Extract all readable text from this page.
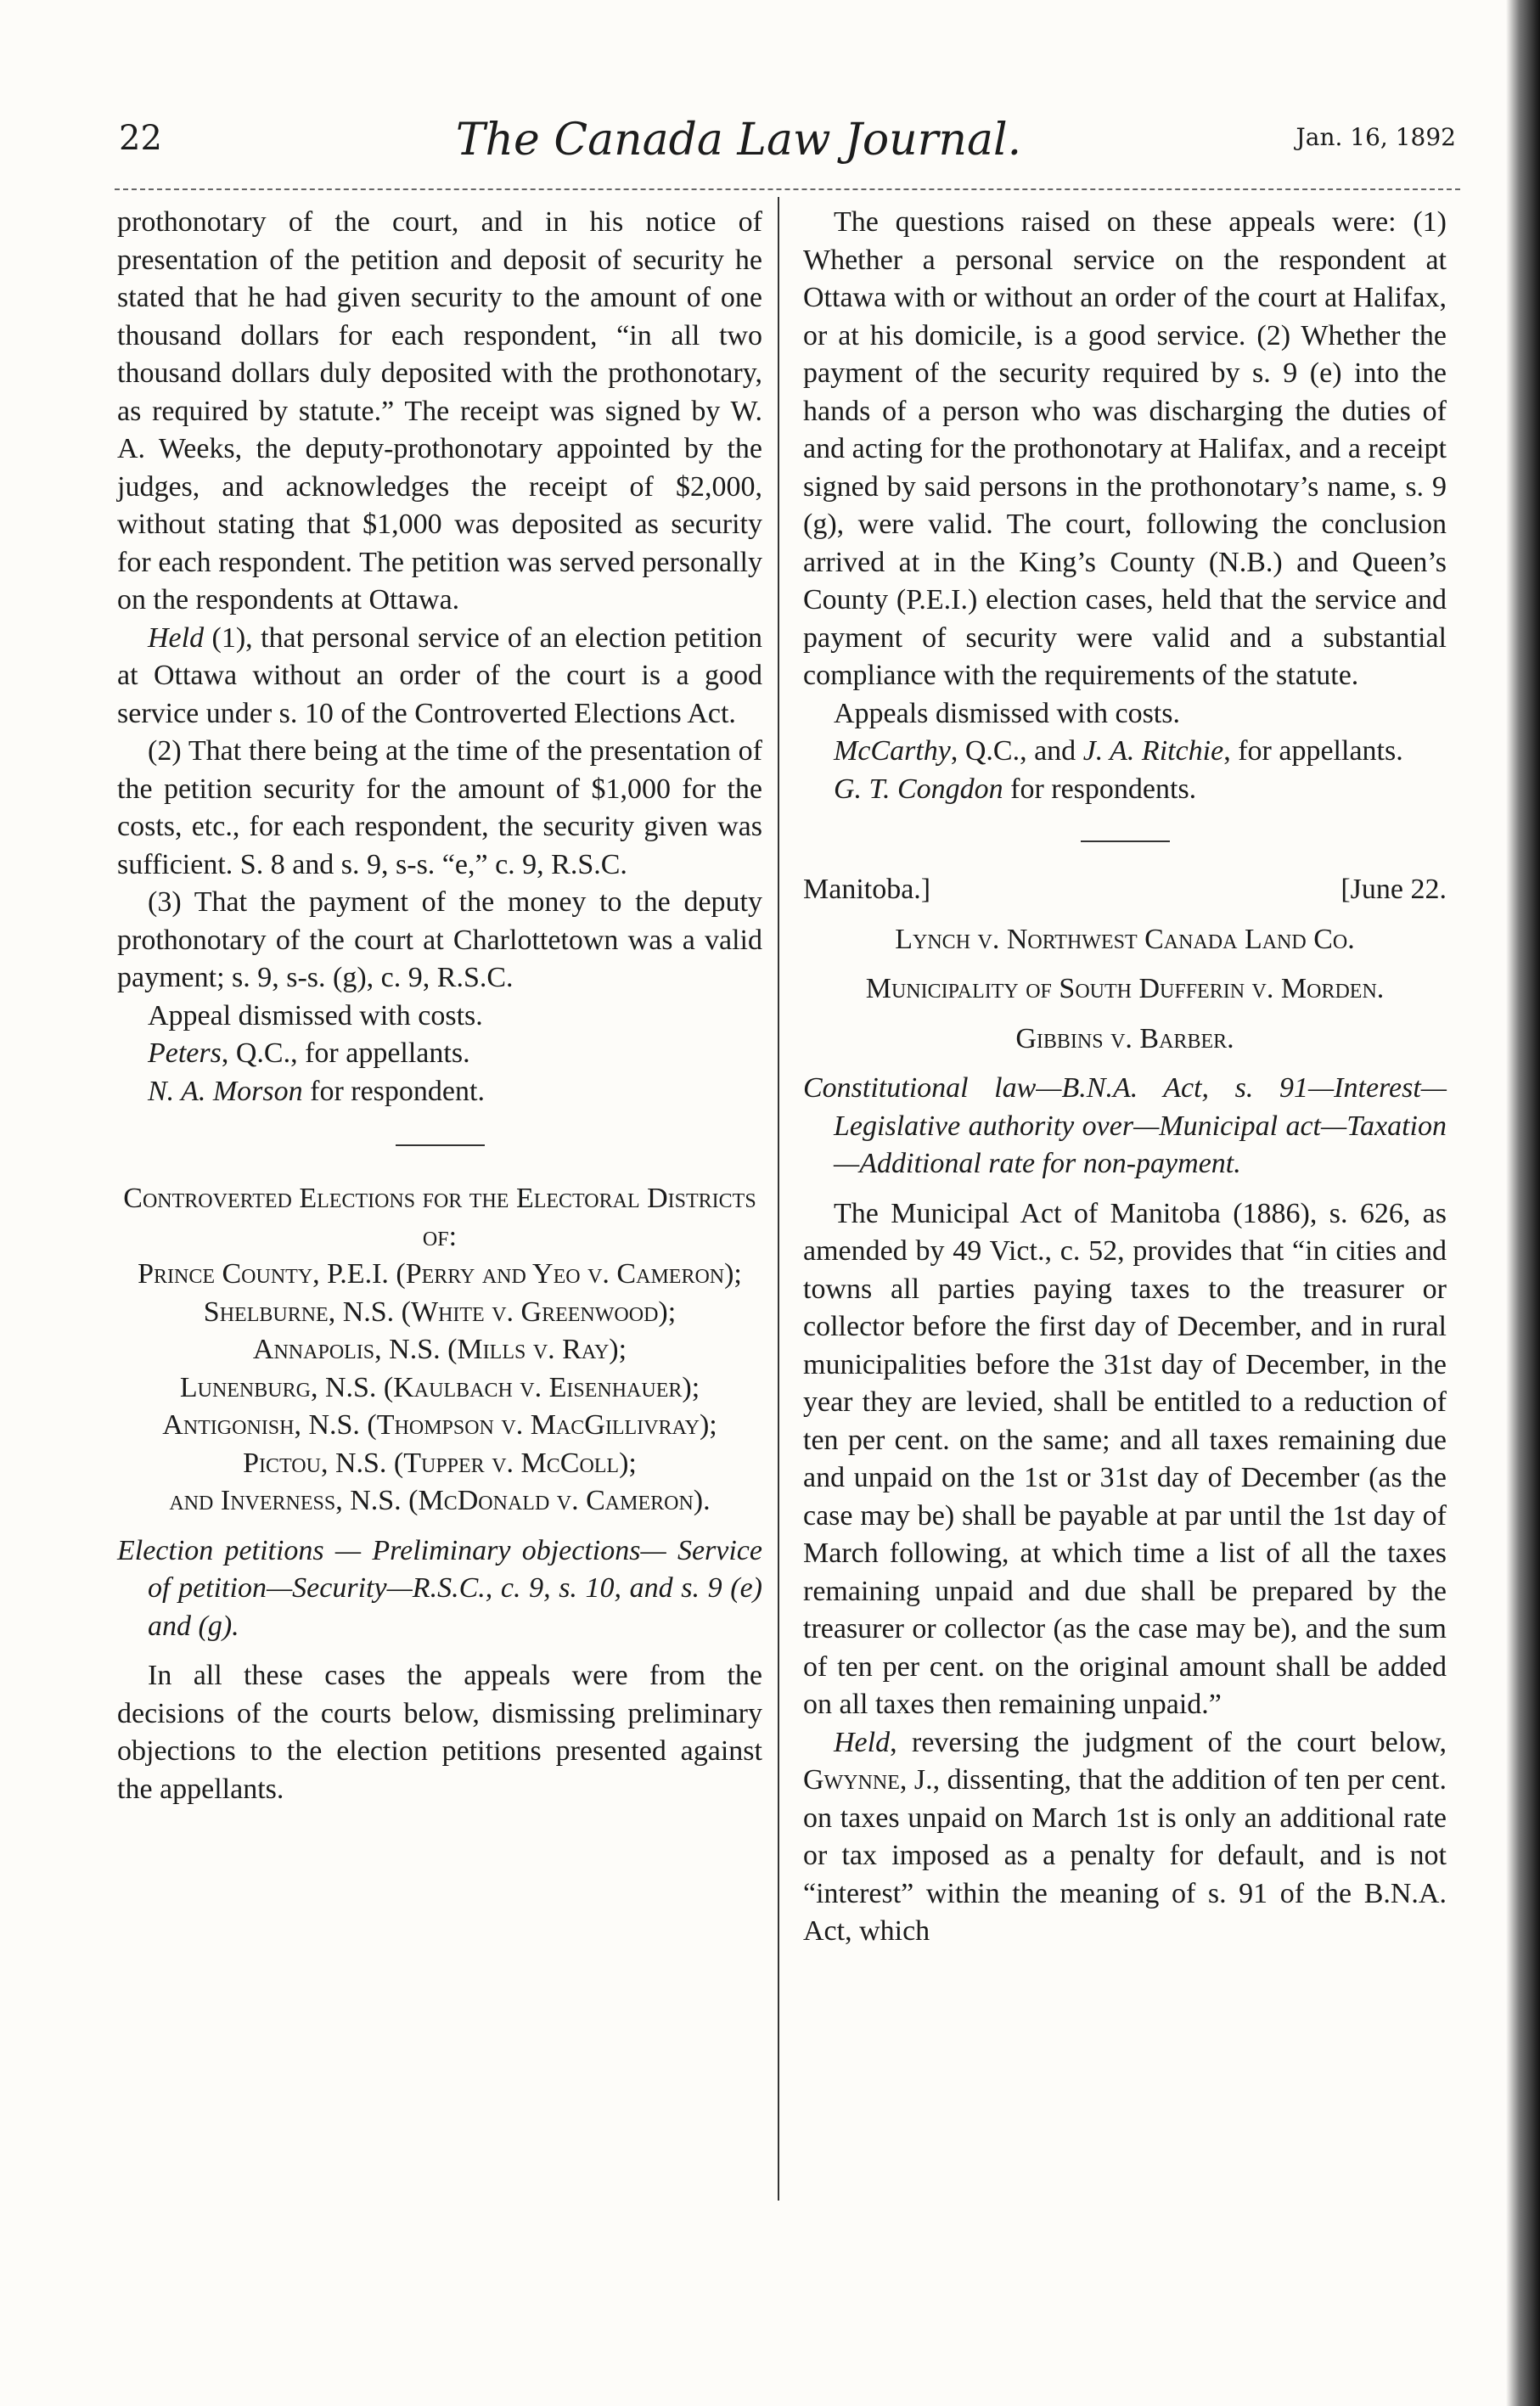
22	The Canada Law Journal.	Jan. 16, 1892

prothonotary of the court, and in his notice of presentation of the petition and deposit of security he stated that he had given security to the amount of one thousand dollars for each respondent, “in all two thousand dollars duly deposited with the prothonotary, as required by statute.” The receipt was signed by W. A. Weeks, the deputy-prothonotary appointed by the judges, and acknowledges the receipt of $2,000, without stating that $1,000 was deposited as security for each respondent. The petition was served personally on the respondents at Ottawa.

Held (1), that personal service of an election petition at Ottawa without an order of the court is a good service under s. 10 of the Controverted Elections Act.

(2) That there being at the time of the presentation of the petition security for the amount of $1,000 for the costs, etc., for each respondent, the security given was sufficient. S. 8 and s. 9, s-s. “e,” c. 9, R.S.C.

(3) That the payment of the money to the deputy prothonotary of the court at Charlottetown was a valid payment; s. 9, s-s. (g), c. 9, R.S.C.

Appeal dismissed with costs.

Peters, Q.C., for appellants.

N. A. Morson for respondent.

Controverted Elections for the Electoral Districts of:

Prince County, P.E.I. (Perry and Yeo v. Cameron);

Shelburne, N.S. (White v. Greenwood);

Annapolis, N.S. (Mills v. Ray);

Lunenburg, N.S. (Kaulbach v. Eisenhauer);

Antigonish, N.S. (Thompson v. MacGillivray);

Pictou, N.S. (Tupper v. McColl);

and Inverness, N.S. (McDonald v. Cameron).

Election petitions — Preliminary objections— Service of petition—Security—R.S.C., c. 9, s. 10, and s. 9 (e) and (g).

In all these cases the appeals were from the decisions of the courts below, dismissing preliminary objections to the election petitions presented against the appellants.

The questions raised on these appeals were: (1) Whether a personal service on the respondent at Ottawa with or without an order of the court at Halifax, or at his domicile, is a good service. (2) Whether the payment of the security required by s. 9 (e) into the hands of a person who was discharging the duties of and acting for the prothonotary at Halifax, and a receipt signed by said persons in the prothonotary’s name, s. 9 (g), were valid. The court, following the conclusion arrived at in the King’s County (N.B.) and Queen’s County (P.E.I.) election cases, held that the service and payment of security were valid and a substantial compliance with the requirements of the statute.

Appeals dismissed with costs.

McCarthy, Q.C., and J. A. Ritchie, for appellants.

G. T. Congdon for respondents.

Manitoba.]	[June 22.

Lynch v. Northwest Canada Land Co.

Municipality of South Dufferin v. Morden.

Gibbins v. Barber.

Constitutional law—B.N.A. Act, s. 91—Interest—Legislative authority over—Municipal act—Taxation—Additional rate for non-payment.

The Municipal Act of Manitoba (1886), s. 626, as amended by 49 Vict., c. 52, provides that “in cities and towns all parties paying taxes to the treasurer or collector before the first day of December, and in rural municipalities before the 31st day of December, in the year they are levied, shall be entitled to a reduction of ten per cent. on the same; and all taxes remaining due and unpaid on the 1st or 31st day of December (as the case may be) shall be payable at par until the 1st day of March following, at which time a list of all the taxes remaining unpaid and due shall be prepared by the treasurer or collector (as the case may be), and the sum of ten per cent. on the original amount shall be added on all taxes then remaining unpaid.”

Held, reversing the judgment of the court below, Gwynne, J., dissenting, that the addition of ten per cent. on taxes unpaid on March 1st is only an additional rate or tax imposed as a penalty for default, and is not “interest” within the meaning of s. 91 of the B.N.A. Act, which
